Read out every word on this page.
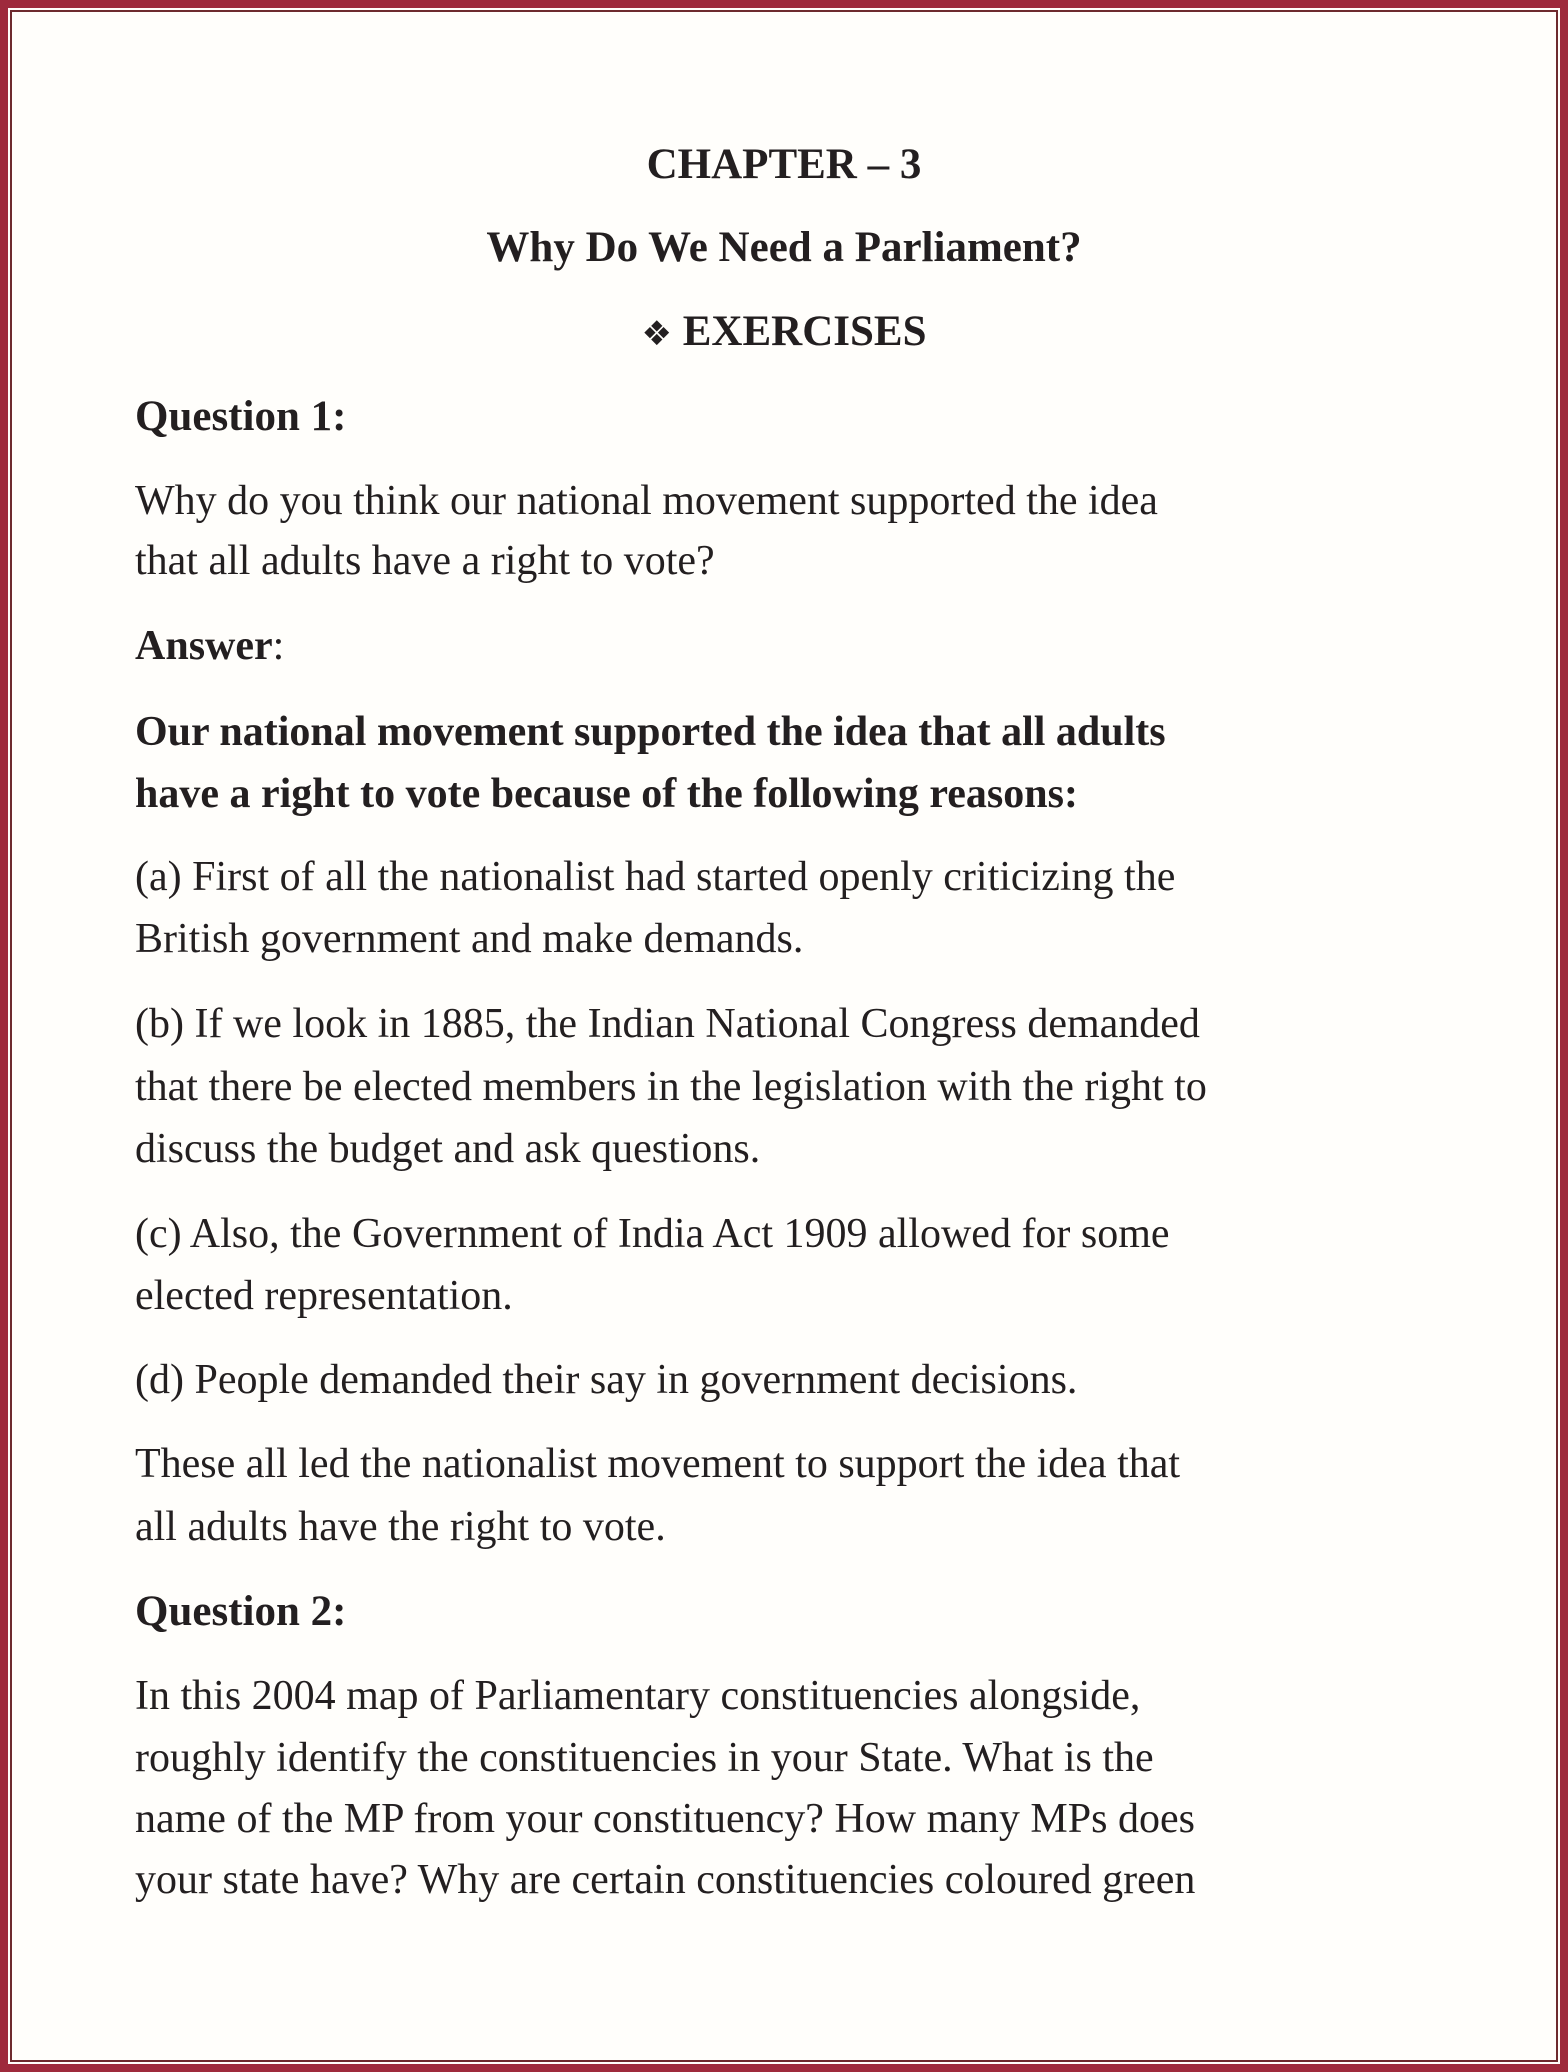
CHAPTER – 3
Why Do We Need a Parliament?
❖ EXERCISES
Question 1:
Why do you think our national movement supported the idea
that all adults have a right to vote?
Answer:
Our national movement supported the idea that all adults
have a right to vote because of the following reasons:
(a) First of all the nationalist had started openly criticizing the
British government and make demands.
(b) If we look in 1885, the Indian National Congress demanded
that there be elected members in the legislation with the right to
discuss the budget and ask questions.
(c) Also, the Government of India Act 1909 allowed for some
elected representation.
(d) People demanded their say in government decisions.
These all led the nationalist movement to support the idea that
all adults have the right to vote.
Question 2:
In this 2004 map of Parliamentary constituencies alongside,
roughly identify the constituencies in your State. What is the
name of the MP from your constituency? How many MPs does
your state have? Why are certain constituencies coloured green
